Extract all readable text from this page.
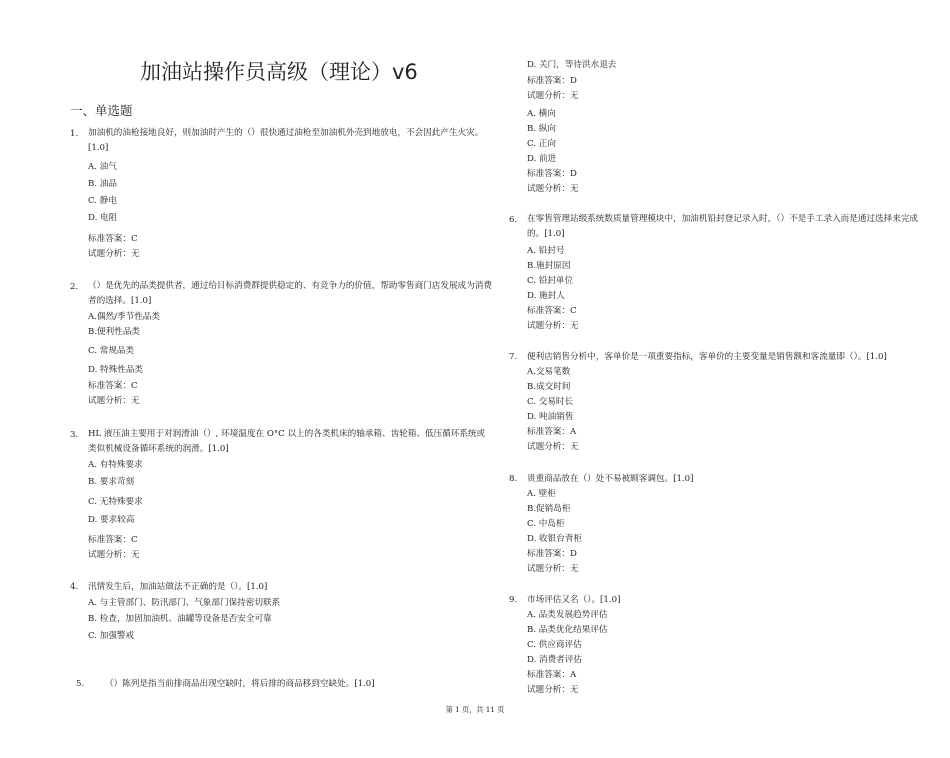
加油站操作员高级（理论）v6
一、单选题
1. 加油机的油枪接地良好，则加油时产生的（）很快通过油枪至加油机外壳到地放电，不会因此产生火灾。[1.0]
A. 油气
B. 油品
C. 静电
D. 电阻
标准答案：C
试题分析：无
2. （）是优先的品类提供者，通过给目标消费群提供稳定的、有竞争力的价值，帮助零售商门店发展成为消费者的选择。[1.0]
A.偶然/季节性品类
B.便利性品类
C. 常规品类
D. 特殊性品类
标准答案：C
试题分析：无
3. HL 液压油主要用于对润滑油（）, 环境温度在 O°C 以上的各类机床的轴承箱、齿轮箱、低压循环系统或类似机械设备循环系统的润滑。[1.0]
A. 有特殊要求
B. 要求苛刻
C. 无特殊要求
D. 要求较高
标准答案：C
试题分析：无
4. 汛情发生后，加油站做法不正确的是（）。[1.0]
A. 与主管部门、防汛部门、气象部门保持密切联系
B. 检查，加固加油机、油罐等设备是否安全可靠
C. 加强警戒
5. （）陈列是指当前排商品出现空缺时，将后排的商品移到空缺处。[1.0]
D. 关门，等待洪水退去
标准答案：D
试题分析：无
A. 横向
B. 纵向
C. 正向
D. 前进
标准答案：D
试题分析：无
6. 在零售管理站级系统数质量管理模块中，加油机铅封登记录入时，（）不是手工录入而是通过选择来完成的。[1.0]
A. 铅封号
B.施封原因
C. 铅封单位
D. 施封人
标准答案：C
试题分析：无
7. 便利店销售分析中，客单价是一项重要指标，客单价的主要变量是销售额和客流量即（）。[1.0]
A.交易笔数
B.成交时间
C. 交易时长
D. 吨油销售
标准答案：A
试题分析：无
8. 贵重商品放在（）处不易被顾客调包。[1.0]
A. 壁柜
B.促销岛柜
C. 中岛柜
D. 收银台背柜
标准答案：D
试题分析：无
9. 市场评估又名（）。[1.0]
A. 品类发展趋势评估
B. 品类优化结果评估
C. 供应商评估
D. 消费者评估
标准答案：A
试题分析：无
第 1 页，共 11 页
